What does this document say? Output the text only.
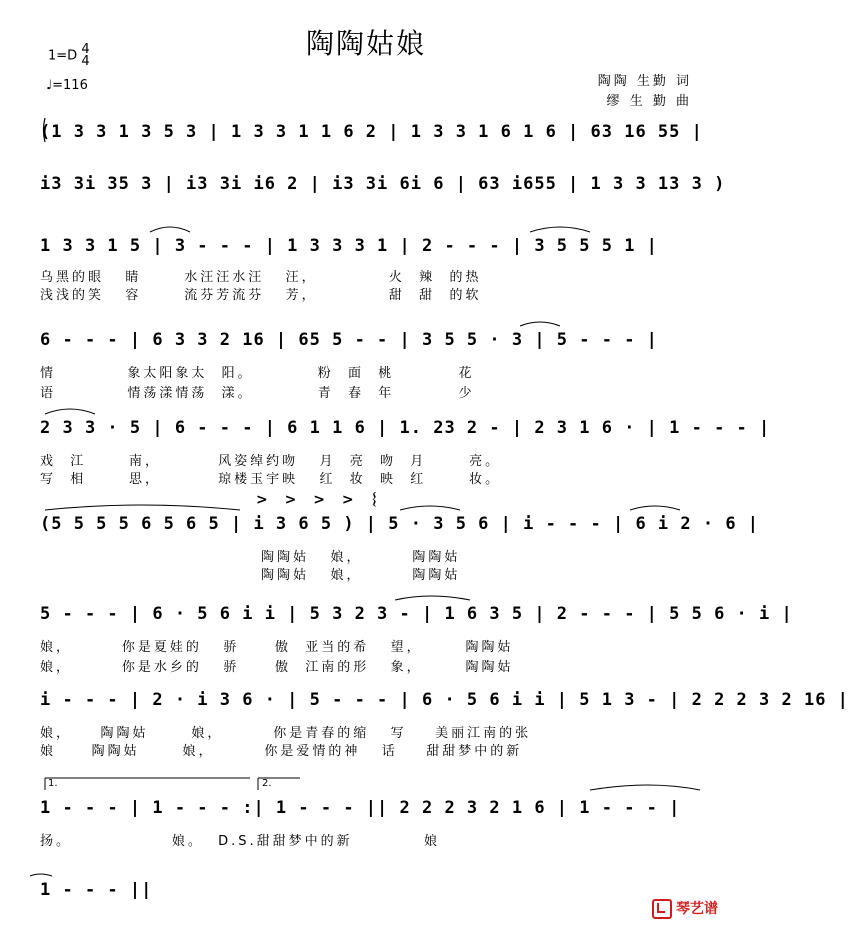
陶陶姑娘
1=D 4
4
♩=116	陶陶 生勤 词
缪 生 勤 曲
(1 3 3 1 3 5 3 | 1 3 3 1 1 6 2 | 1 3 3 1 6 1 6 | 63 16 55 |
i3 3i 35 3 | i3 3i i6 2 | i3 3i 6i 6 | 63 i655 | 1 3 3 13 3 )
1 3 3 1 5 | 3 - - - | 1 3 3 3 1 | 2 - - - | 3 5 5 5 1 |
乌黑的眼   睛      水汪汪水汪   汪，          火  辣  的热
浅浅的笑   容      流芬芳流芬   芳，          甜  甜  的软
6 - - - | 6 3 3 2 16 | 65 5 - - | 3 5 5 · 3 | 5 - - - |
情          象太阳象太  阳。         粉  面  桃         花
语          情荡漾情荡  漾。         青  春  年         少
2 3 3 · 5 | 6 - - - | 6 1 1 6 | 1. 23 2 - | 2 3 1 6 · | 1 - - - |
戏  江      南，        风姿绰约吻   月  亮  吻  月      亮。
写  相      思，        琼楼玉宇映   红  妆  映  红      妆。
> > > > 𝄔
(5 5 5 5 6 5 6 5 | i 3 6 5 ) | 5 · 3 5 6 | i - - - | 6 i 2 · 6 |
陶陶姑   娘，       陶陶姑
陶陶姑   娘，       陶陶姑
5 - - - | 6 · 5 6 i i | 5 3 2 3 - | 1 6 3 5 | 2 - - - | 5 5 6 · i |
娘，       你是夏娃的   骄     傲  亚当的希   望，      陶陶姑
娘，       你是水乡的   骄     傲  江南的形   象，      陶陶姑
i - - - | 2 · i 3 6 · | 5 - - - | 6 · 5 6 i i | 5 1 3 - | 2 2 2 3 2 16 |
娘，    陶陶姑      娘，       你是青春的缩   写    美丽江南的张
娘     陶陶姑      娘，       你是爱情的神   话    甜甜梦中的新
1.	2.
1 - - - | 1 - - - :| 1 - - - || 2 2 2 3 2 1 6 | 1 - - - |
扬。              娘。  D.S.甜甜梦中的新          娘
1 - - - ||
琴艺谱
